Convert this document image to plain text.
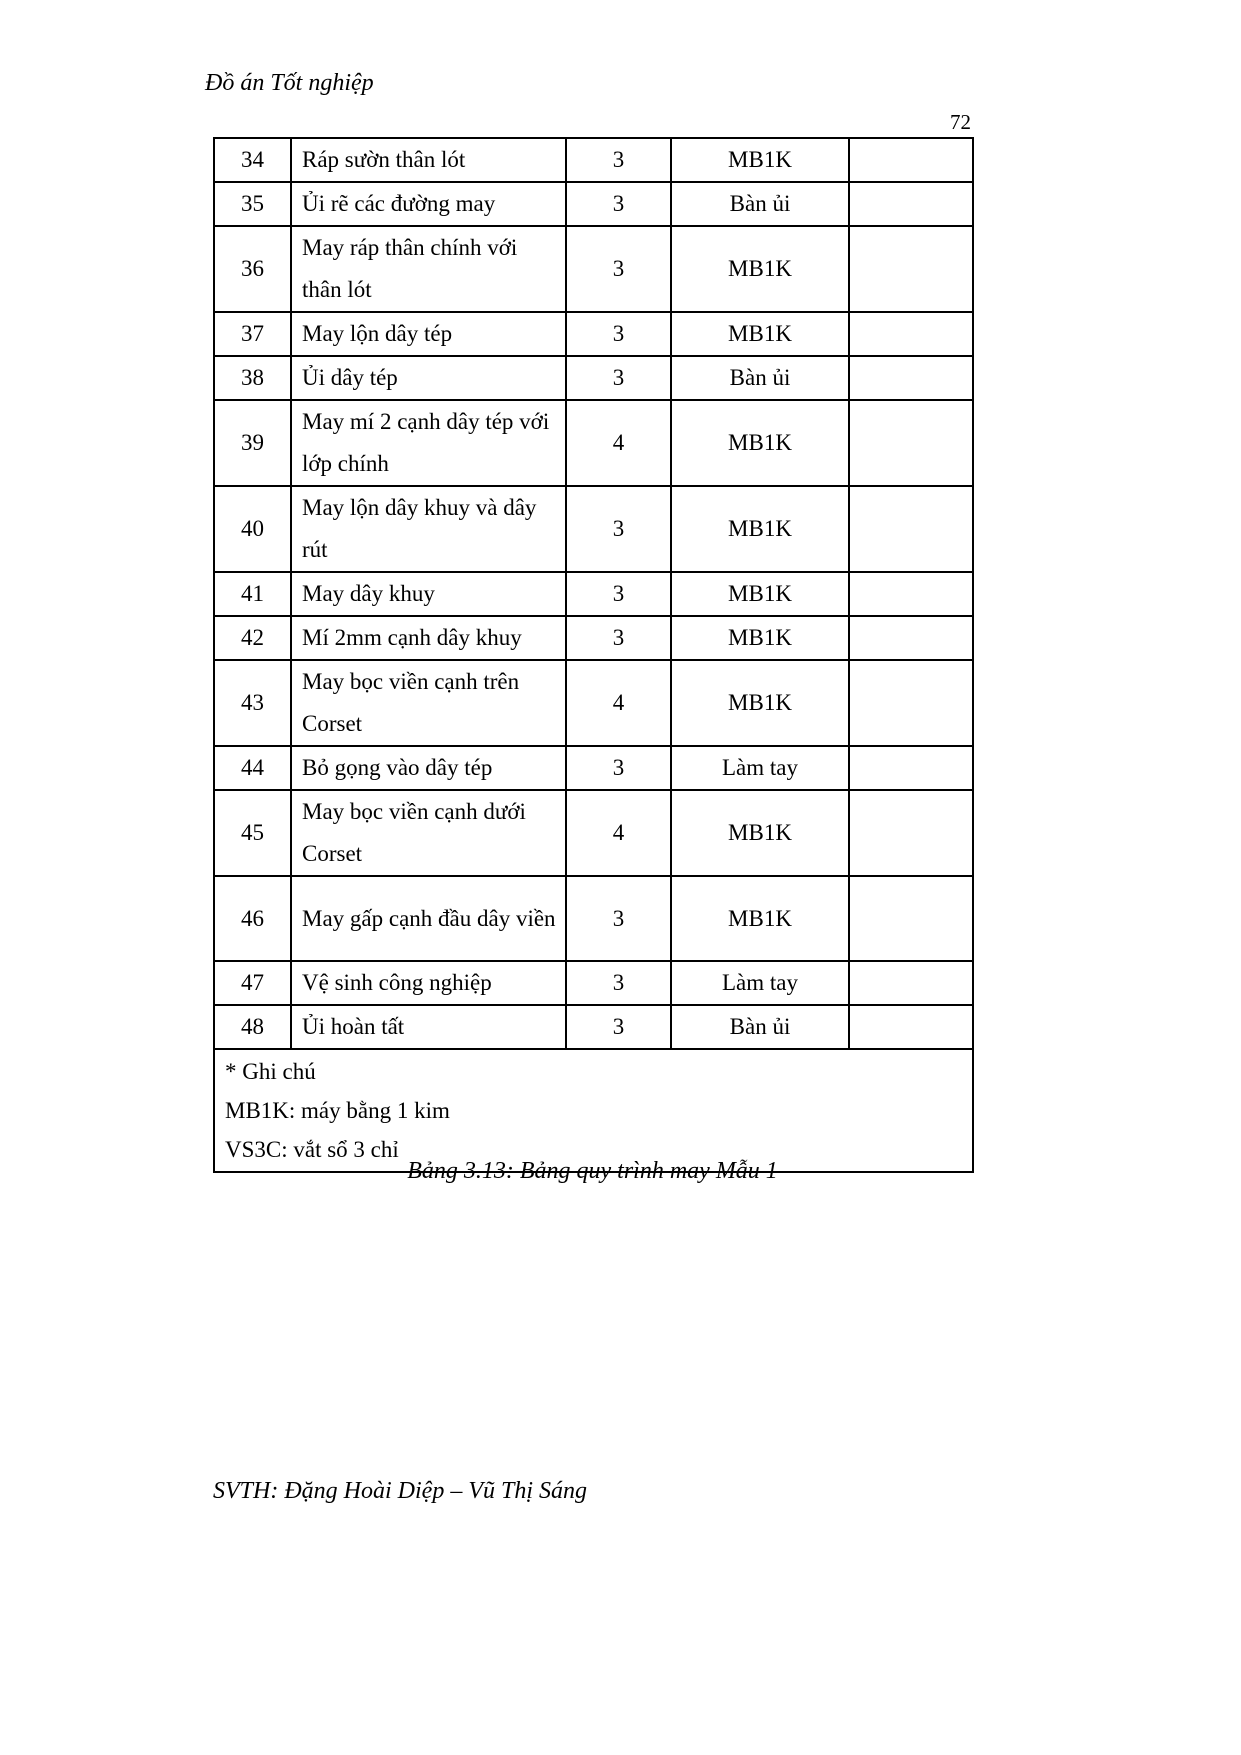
Đồ án Tốt nghiệp
72
34	Ráp sườn thân lót	3	MB1K	
35	Ủi rẽ các đường may	3	Bàn ủi	
36	May ráp thân chính với thân lót	3	MB1K	
37	May lộn dây tép	3	MB1K	
38	Ủi dây tép	3	Bàn ủi	
39	May mí 2 cạnh dây tép với lớp chính	4	MB1K	
40	May lộn dây khuy và dây rút	3	MB1K	
41	May dây khuy	3	MB1K	
42	Mí 2mm cạnh dây khuy	3	MB1K	
43	May bọc viền cạnh trên Corset	4	MB1K	
44	Bỏ gọng vào dây tép	3	Làm tay	
45	May bọc viền cạnh dưới Corset	4	MB1K	
46	May gấp cạnh đầu dây viền	3	MB1K	
47	Vệ sinh công nghiệp	3	Làm tay	
48	Ủi hoàn tất	3	Bàn ủi	

* Ghi chú
MB1K: máy bằng 1 kim
VS3C: vắt sổ 3 chỉ				
Bảng 3.13: Bảng quy trình may Mẫu 1
SVTH: Đặng Hoài Diệp – Vũ Thị Sáng
